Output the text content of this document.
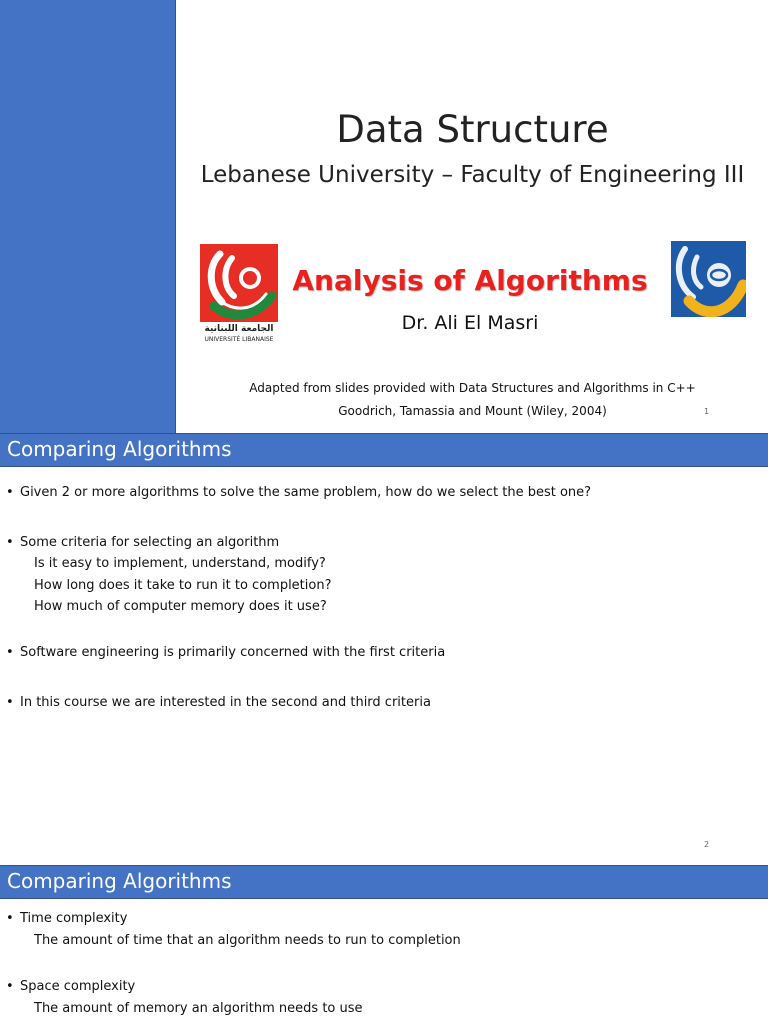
Data Structure
Lebanese University – Faculty of Engineering III
الجامعة اللبنانية
UNIVERSITÉ LIBANAISE
Analysis of Algorithms
Dr. Ali El Masri
Adapted from slides provided with Data Structures and Algorithms in C++
Goodrich, Tamassia and Mount (Wiley, 2004)	1
Comparing Algorithms
• Given 2 or more algorithms to solve the same problem, how do we select the best one?
• Some criteria for selecting an algorithm
Is it easy to implement, understand, modify?
How long does it take to run it to completion?
How much of computer memory does it use?
• Software engineering is primarily concerned with the first criteria
• In this course we are interested in the second and third criteria
2
Comparing Algorithms
• Time complexity
The amount of time that an algorithm needs to run to completion
• Space complexity
The amount of memory an algorithm needs to use
